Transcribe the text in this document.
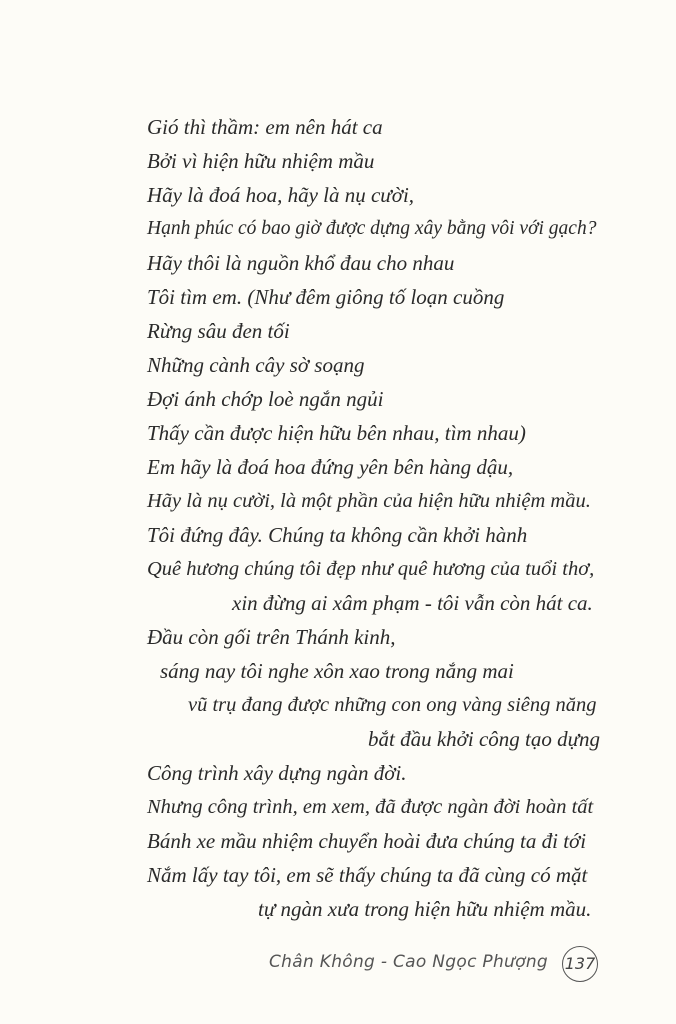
Gió thì thầm: em nên hát ca
Bởi vì hiện hữu nhiệm mầu
Hãy là đoá hoa, hãy là nụ cười,
Hạnh phúc có bao giờ được dựng xây bằng vôi với gạch?
Hãy thôi là nguồn khổ đau cho nhau
Tôi tìm em. (Như đêm giông tố loạn cuồng
Rừng sâu đen tối
Những cành cây sờ soạng
Đợi ánh chớp loè ngắn ngủi
Thấy cần được hiện hữu bên nhau, tìm nhau)
Em hãy là đoá hoa đứng yên bên hàng dậu,
Hãy là nụ cười, là một phần của hiện hữu nhiệm mầu.
Tôi đứng đây. Chúng ta không cần khởi hành
Quê hương chúng tôi đẹp như quê hương của tuổi thơ,
xin đừng ai xâm phạm - tôi vẫn còn hát ca.
Đầu còn gối trên Thánh kinh,
sáng nay tôi nghe xôn xao trong nắng mai
vũ trụ đang được những con ong vàng siêng năng
bắt đầu khởi công tạo dựng
Công trình xây dựng ngàn đời.
Nhưng công trình, em xem, đã được ngàn đời hoàn tất
Bánh xe mầu nhiệm chuyển hoài đưa chúng ta đi tới
Nắm lấy tay tôi, em sẽ thấy chúng ta đã cùng có mặt
tự ngàn xưa trong hiện hữu nhiệm mầu.
Chân Không - Cao Ngọc Phượng 137
